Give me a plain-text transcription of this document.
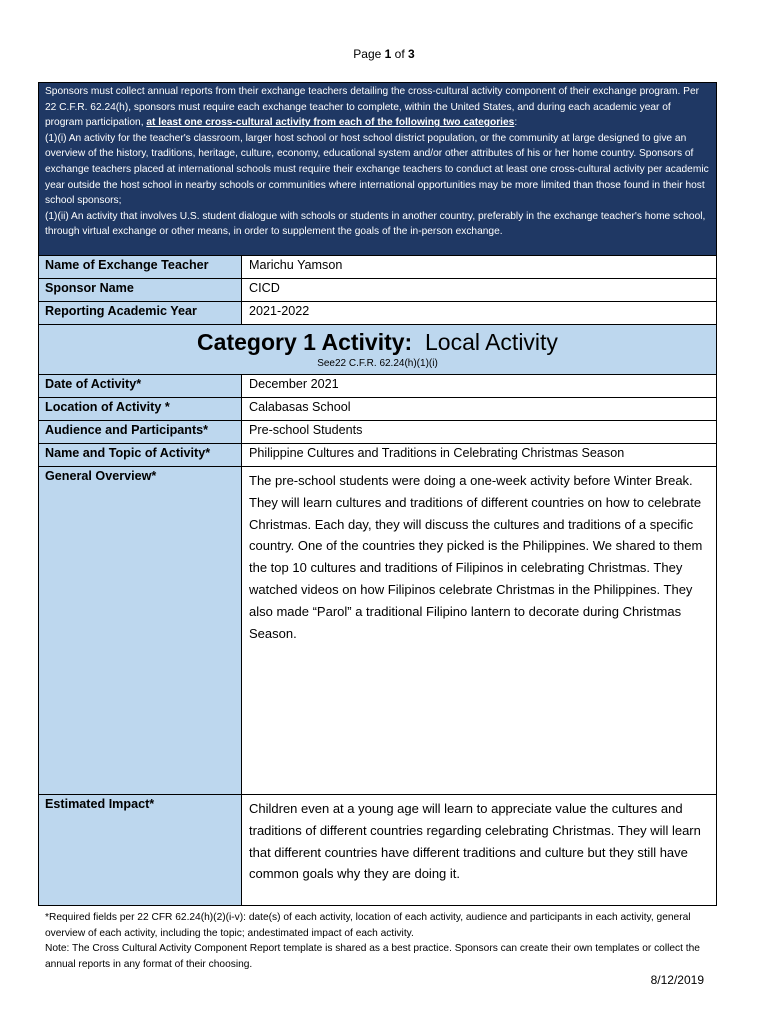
Page 1 of 3
Sponsors must collect annual reports from their exchange teachers detailing the cross-cultural activity component of their exchange program. Per 22 C.F.R. 62.24(h), sponsors must require each exchange teacher to complete, within the United States, and during each academic year of program participation, at least one cross-cultural activity from each of the following two categories:
(1)(i) An activity for the teacher's classroom, larger host school or host school district population, or the community at large designed to give an overview of the history, traditions, heritage, culture, economy, educational system and/or other attributes of his or her home country. Sponsors of exchange teachers placed at international schools must require their exchange teachers to conduct at least one cross-cultural activity per academic year outside the host school in nearby schools or communities where international opportunities may be more limited than those found in their host school sponsors;
(1)(ii) An activity that involves U.S. student dialogue with schools or students in another country, preferably in the exchange teacher's home school, through virtual exchange or other means, in order to supplement the goals of the in-person exchange.
Name of Exchange Teacher	Marichu Yamson
Sponsor Name	CICD
Reporting Academic Year	2021-2022
Category 1 Activity:  Local Activity
See22 C.F.R. 62.24(h)(1)(i)
Date of Activity*	December 2021
Location of Activity *	Calabasas School
Audience and Participants*	Pre-school Students
Name and Topic of Activity*	Philippine Cultures and Traditions in Celebrating Christmas Season
General Overview*	The pre-school students were doing a one-week activity before Winter Break. They will learn cultures and traditions of different countries on how to celebrate Christmas. Each day, they will discuss the cultures and traditions of a specific country. One of the countries they picked is the Philippines. We shared to them the top 10 cultures and traditions of Filipinos in celebrating Christmas. They watched videos on how Filipinos celebrate Christmas in the Philippines. They also made “Parol” a traditional Filipino lantern to decorate during Christmas Season.
Estimated Impact*	Children even at a young age will learn to appreciate value the cultures and traditions of different countries regarding celebrating Christmas. They will learn that different countries have different traditions and culture but they still have common goals why they are doing it.
*Required fields per 22 CFR 62.24(h)(2)(i-v): date(s) of each activity, location of each activity, audience and participants in each activity, general overview of each activity, including the topic; andestimated impact of each activity.
Note: The Cross Cultural Activity Component Report template is shared as a best practice. Sponsors can create their own templates or collect the annual reports in any format of their choosing.
8/12/2019
